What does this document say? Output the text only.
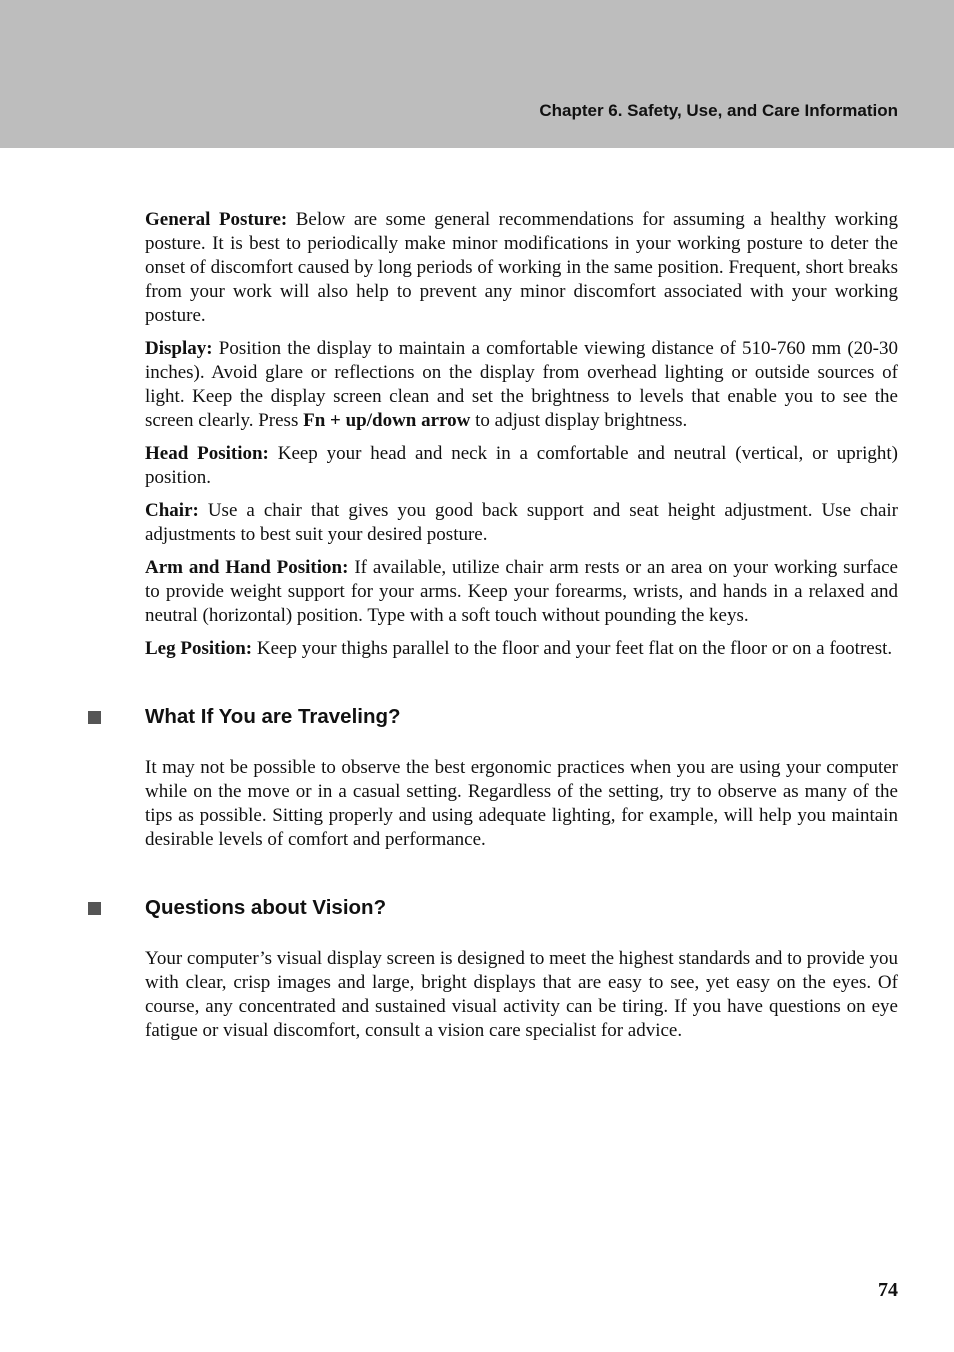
Chapter 6. Safety, Use, and Care Information

General Posture: Below are some general recommendations for assuming a healthy working posture. It is best to periodically make minor modifications in your working posture to deter the onset of discomfort caused by long periods of working in the same position. Frequent, short breaks from your work will also help to prevent any minor discomfort associated with your working posture.

Display: Position the display to maintain a comfortable viewing distance of 510-760 mm (20-30 inches). Avoid glare or reflections on the display from overhead lighting or outside sources of light. Keep the display screen clean and set the brightness to levels that enable you to see the screen clearly. Press Fn + up/down arrow to adjust display brightness.

Head Position: Keep your head and neck in a comfortable and neutral (vertical, or upright) position.

Chair: Use a chair that gives you good back support and seat height adjustment. Use chair adjustments to best suit your desired posture.

Arm and Hand Position: If available, utilize chair arm rests or an area on your working surface to provide weight support for your arms. Keep your forearms, wrists, and hands in a relaxed and neutral (horizontal) position. Type with a soft touch without pounding the keys.

Leg Position: Keep your thighs parallel to the floor and your feet flat on the floor or on a footrest.

What If You are Traveling?

It may not be possible to observe the best ergonomic practices when you are using your computer while on the move or in a casual setting. Regardless of the setting, try to observe as many of the tips as possible. Sitting properly and using adequate lighting, for example, will help you maintain desirable levels of comfort and performance.

Questions about Vision?

Your computer’s visual display screen is designed to meet the highest standards and to provide you with clear, crisp images and large, bright displays that are easy to see, yet easy on the eyes. Of course, any concentrated and sustained visual activity can be tiring. If you have questions on eye fatigue or visual discomfort, consult a vision care specialist for advice.

74
